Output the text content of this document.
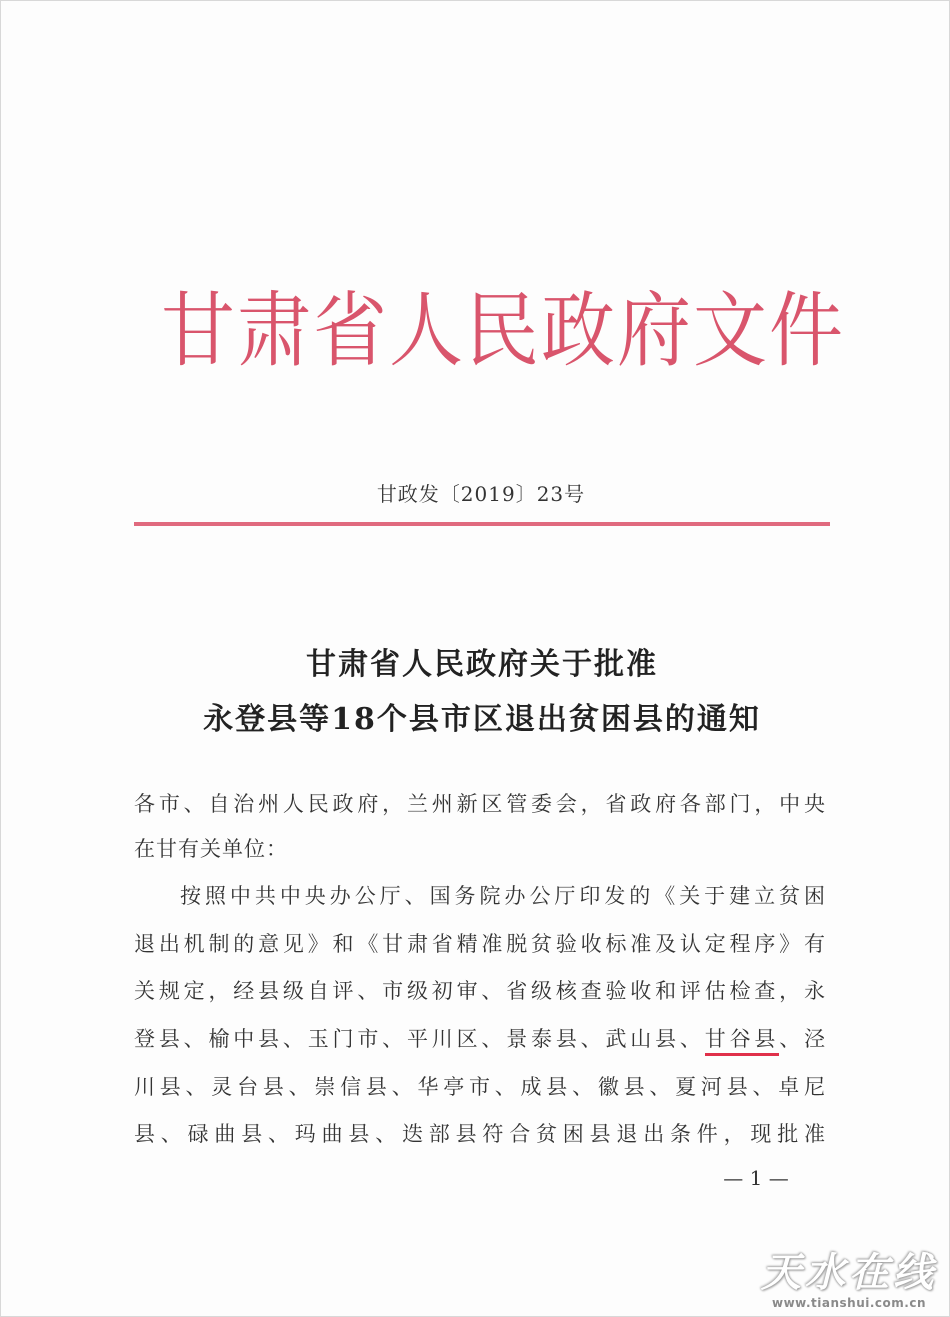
甘肃省人民政府文件
甘政发〔2019〕23号
甘肃省人民政府关于批准
永登县等18个县市区退出贫困县的通知
各市、自治州人民政府，兰州新区管委会，省政府各部门，中央
在甘有关单位：
按照中共中央办公厅、国务院办公厅印发的《关于建立贫困
退出机制的意见》和《甘肃省精准脱贫验收标准及认定程序》有
关规定，经县级自评、市级初审、省级核查验收和评估检查，永
登县、榆中县、玉门市、平川区、景泰县、武山县、甘谷县、泾
川县、灵台县、崇信县、华亭市、成县、徽县、夏河县、卓尼
县、碌曲县、玛曲县、迭部县符合贫困县退出条件，现批准
— 1 —
天水在线
www.tianshui.com.cn
